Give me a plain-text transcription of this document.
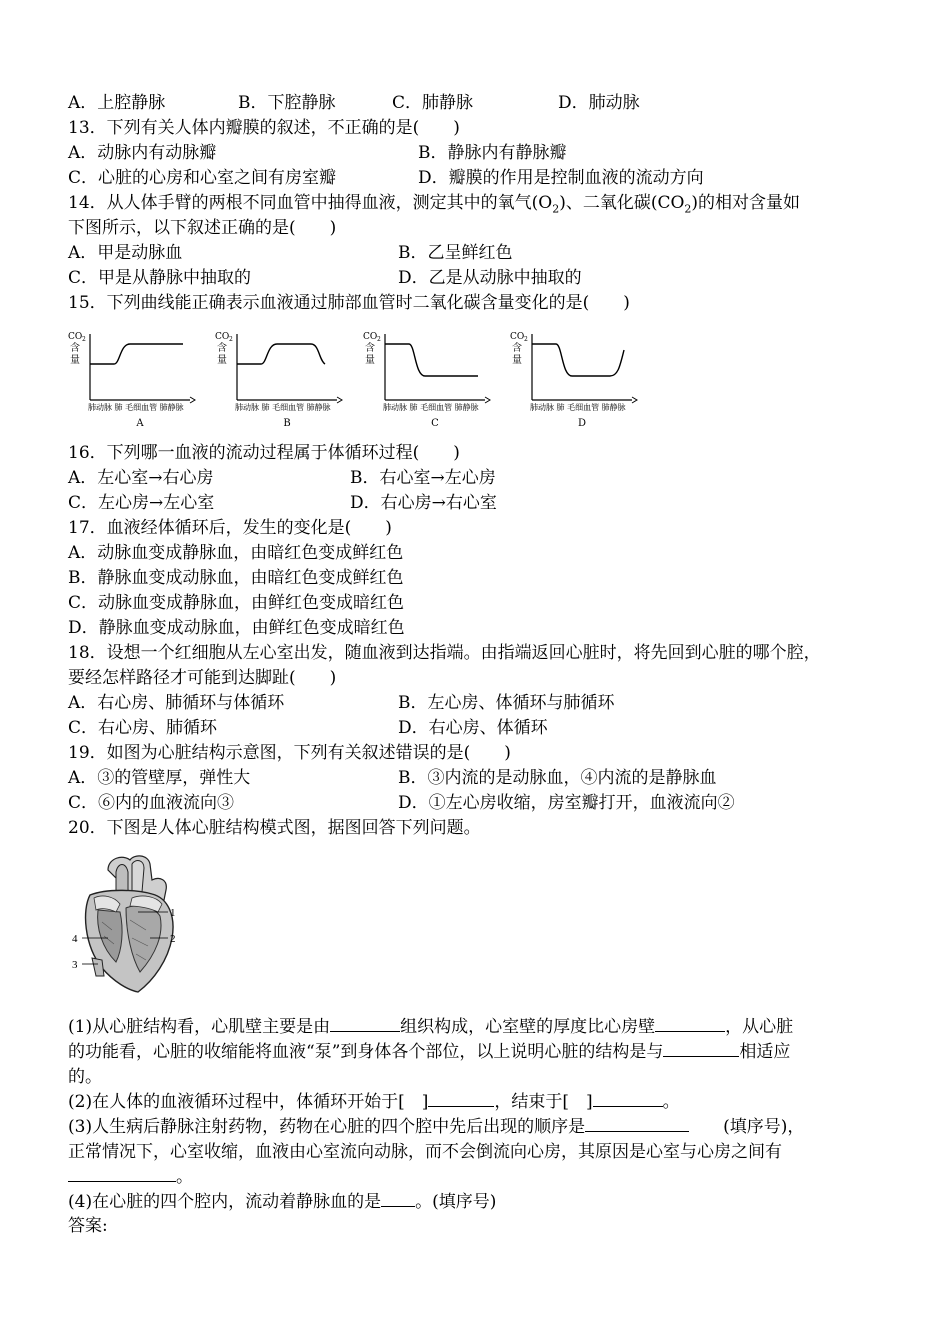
A．上腔静脉	B．下腔静脉	C．肺静脉	D．肺动脉
13．下列有关人体内瓣膜的叙述，不正确的是(　　)
A．动脉内有动脉瓣	B．静脉内有静脉瓣
C．心脏的心房和心室之间有房室瓣	D．瓣膜的作用是控制血液的流动方向
14．从人体手臂的两根不同血管中抽得血液，测定其中的氧气$(O_2)$、二氧化碳$(CO_2)$的相对含量如
下图所示，以下叙述正确的是(　　)
A．甲是动脉血	B．乙呈鲜红色
C．甲是从静脉中抽取的	D．乙是从动脉中抽取的
15．下列曲线能正确表示血液通过肺部血管时二氧化碳含量变化的是(　　)
CO 2
含
量
肺动脉 肺 毛细血管 肺静脉
A
CO 2
含
量
肺动脉 肺 毛细血管 肺静脉
B
CO 2
含
量
肺动脉 肺 毛细血管 肺静脉
C
CO 2
含
量
肺动脉 肺 毛细血管 肺静脉
D
16．下列哪一血液的流动过程属于体循环过程(　　)
A．左心室→右心房	B．右心室→左心房
C．左心房→左心室	D．右心房→右心室
17．血液经体循环后，发生的变化是(　　)
A．动脉血变成静脉血，由暗红色变成鲜红色
B．静脉血变成动脉血，由暗红色变成鲜红色
C．动脉血变成静脉血，由鲜红色变成暗红色
D．静脉血变成动脉血，由鲜红色变成暗红色
18．设想一个红细胞从左心室出发，随血液到达指端。由指端返回心脏时，将先回到心脏的哪个腔，
要经怎样路径才可能到达脚趾(　　)
A．右心房、肺循环与体循环	B．左心房、体循环与肺循环
C．右心房、肺循环	D．右心房、体循环
19．如图为心脏结构示意图，下列有关叙述错误的是(　　)
A．③的管壁厚，弹性大	B．③内流的是动脉血，④内流的是静脉血
C．⑥内的血液流向③	D．①左心房收缩，房室瓣打开，血液流向②
20．下图是人体心脏结构模式图，据图回答下列问题。
1
2
3
4
(1)从心脏结构看，心肌壁主要是由	组织构成，心室壁的厚度比心房壁	，从心脏
的功能看，心脏的收缩能将血液“泵”到身体各个部位，以上说明心脏的结构是与	相适应
的。
(2)在人体的血液循环过程中，体循环开始于[　]	，结束于[　]	。
(3)人生病后静脉注射药物，药物在心脏的四个腔中先后出现的顺序是	　　(填序号)，
正常情况下，心室收缩，血液由心室流向动脉，而不会倒流向心房，其原因是心室与心房之间有
。
(4)在心脏的四个腔内，流动着静脉血的是 。(填序号)
答案:
